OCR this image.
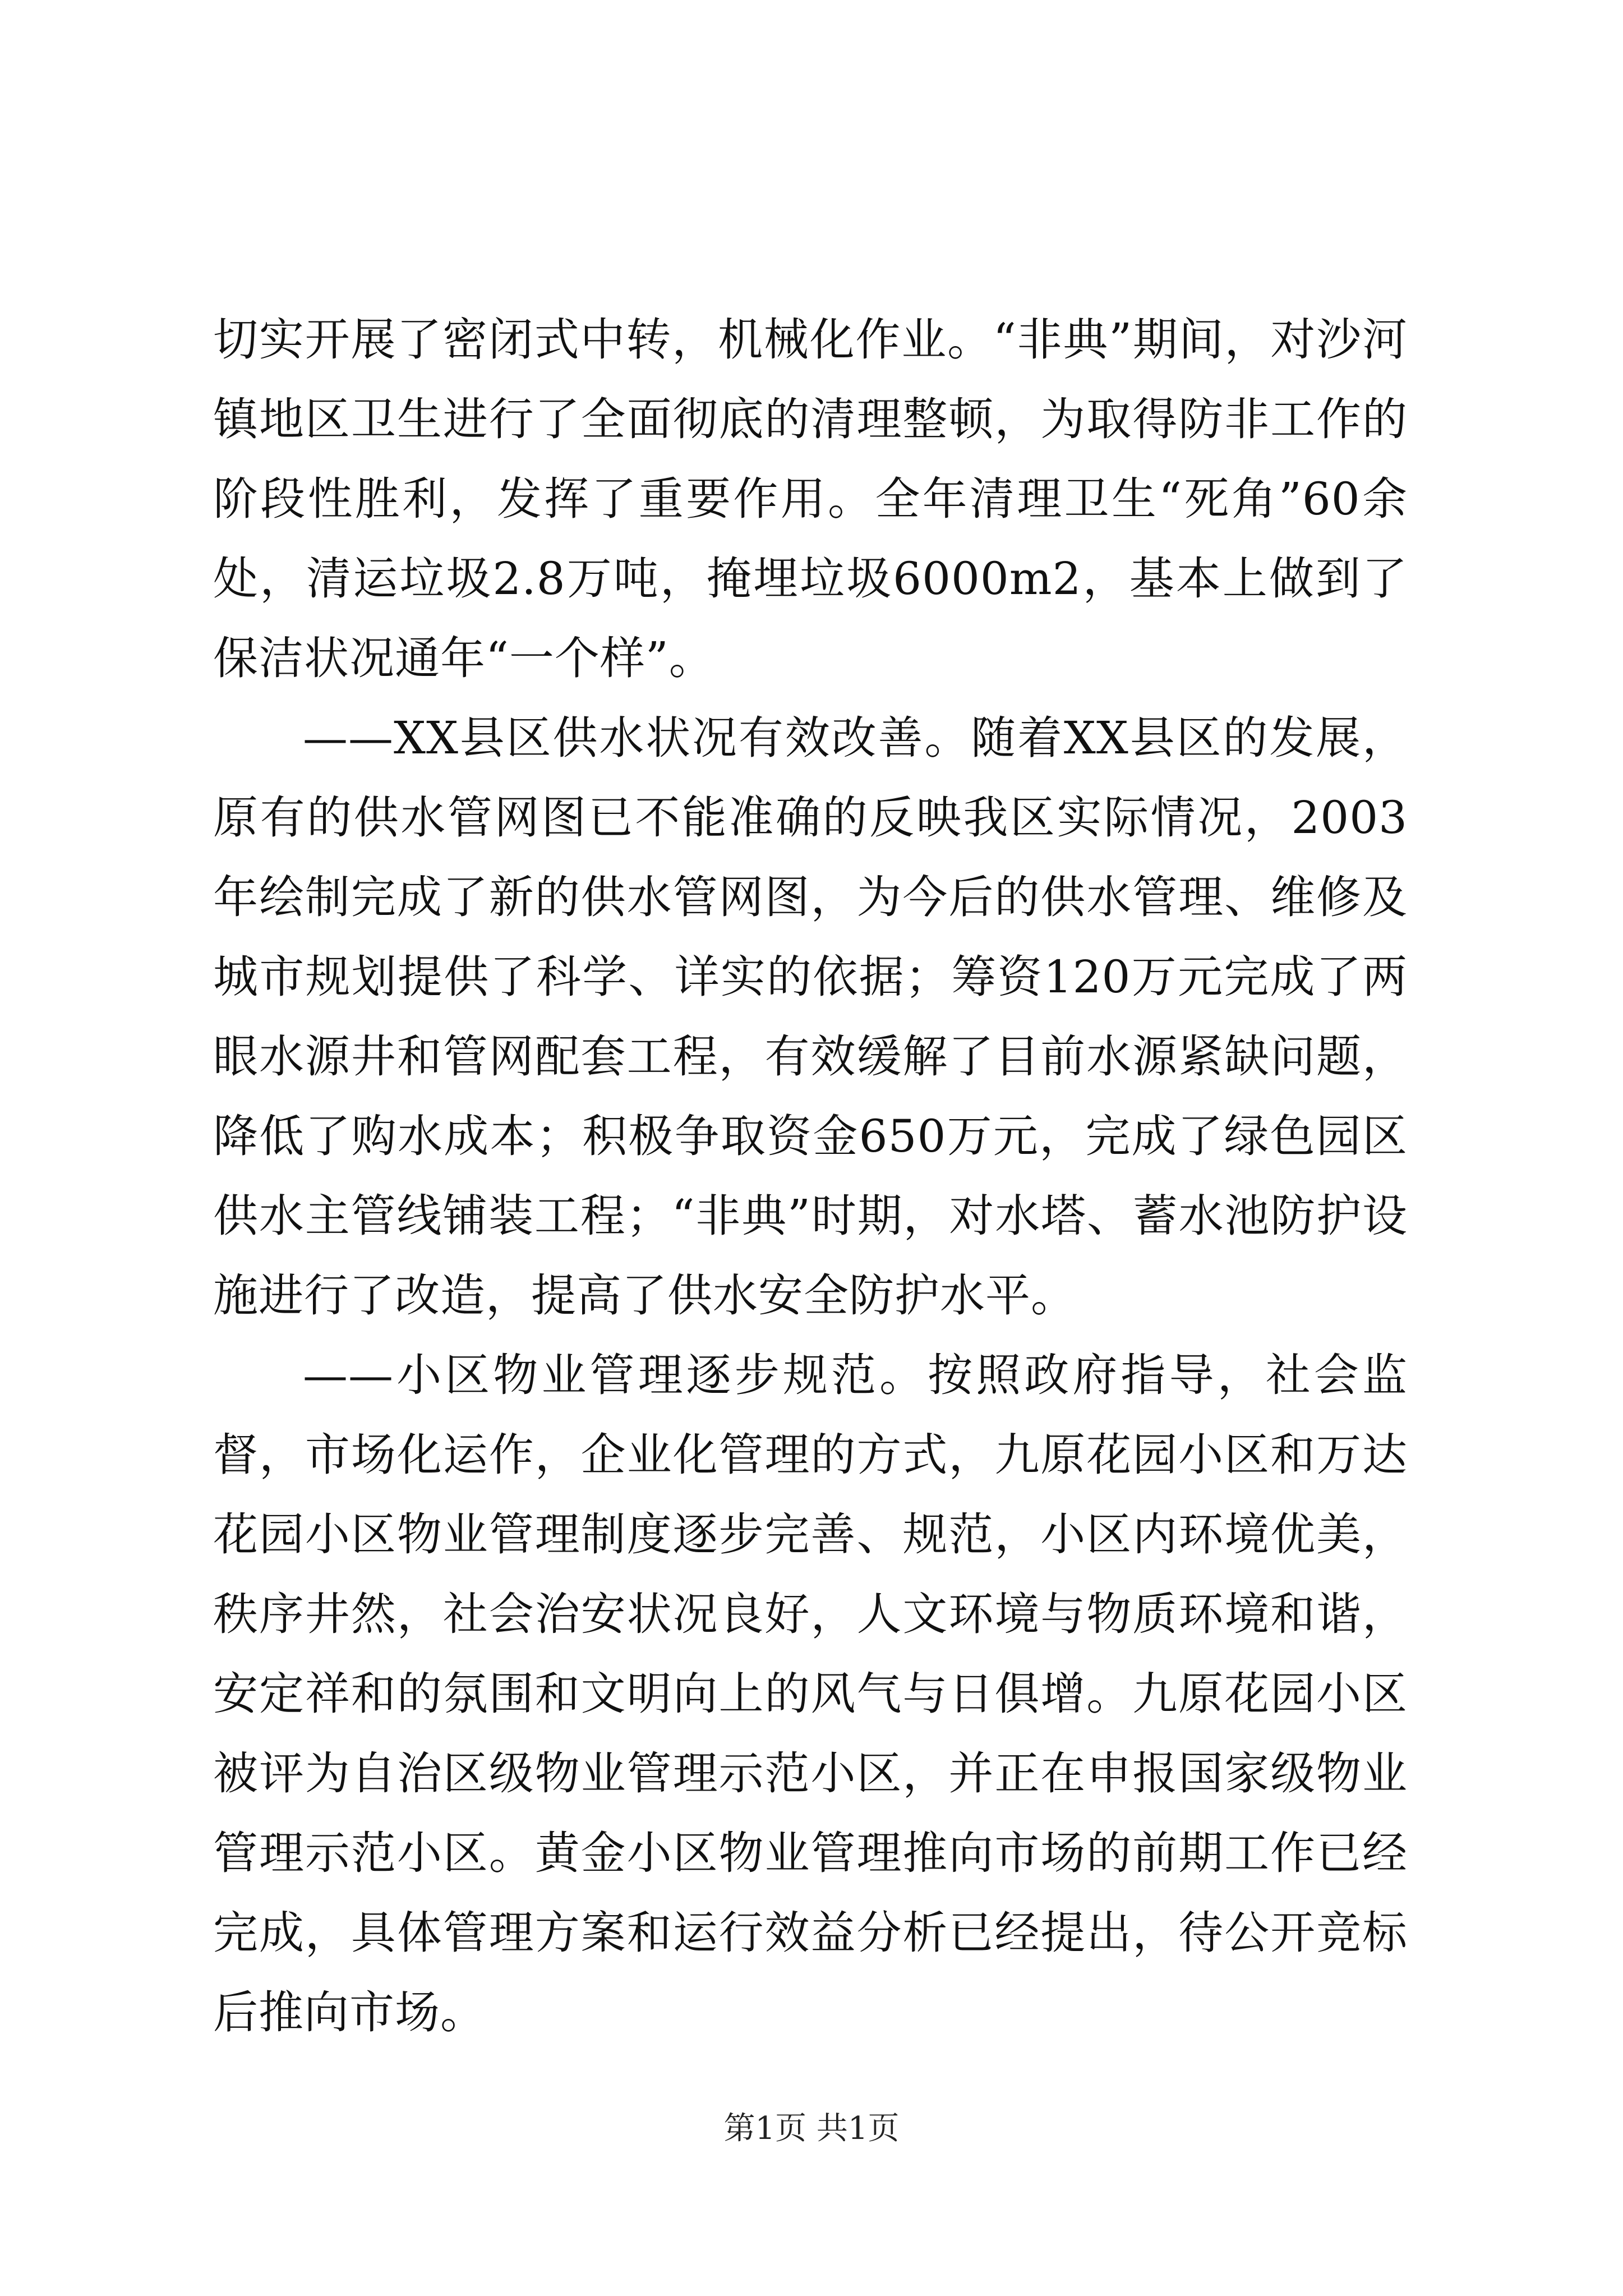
切实开展了密闭式中转，机械化作业。“非典”期间，对沙河镇地区卫生进行了全面彻底的清理整顿，为取得防非工作的阶段性胜利，发挥了重要作用。全年清理卫生“死角”60余处，清运垃圾2.8万吨，掩埋垃圾6000m2，基本上做到了保洁状况通年“一个样”。

——XX县区供水状况有效改善。随着XX县区的发展，原有的供水管网图已不能准确的反映我区实际情况，2003年绘制完成了新的供水管网图，为今后的供水管理、维修及城市规划提供了科学、详实的依据；筹资120万元完成了两眼水源井和管网配套工程，有效缓解了目前水源紧缺问题，降低了购水成本；积极争取资金650万元，完成了绿色园区供水主管线铺装工程；“非典”时期，对水塔、蓄水池防护设施进行了改造，提高了供水安全防护水平。

——小区物业管理逐步规范。按照政府指导，社会监督，市场化运作，企业化管理的方式，九原花园小区和万达花园小区物业管理制度逐步完善、规范，小区内环境优美，秩序井然，社会治安状况良好，人文环境与物质环境和谐，安定祥和的氛围和文明向上的风气与日俱增。九原花园小区被评为自治区级物业管理示范小区，并正在申报国家级物业管理示范小区。黄金小区物业管理推向市场的前期工作已经完成，具体管理方案和运行效益分析已经提出，待公开竞标后推向市场。

第1页 共1页
